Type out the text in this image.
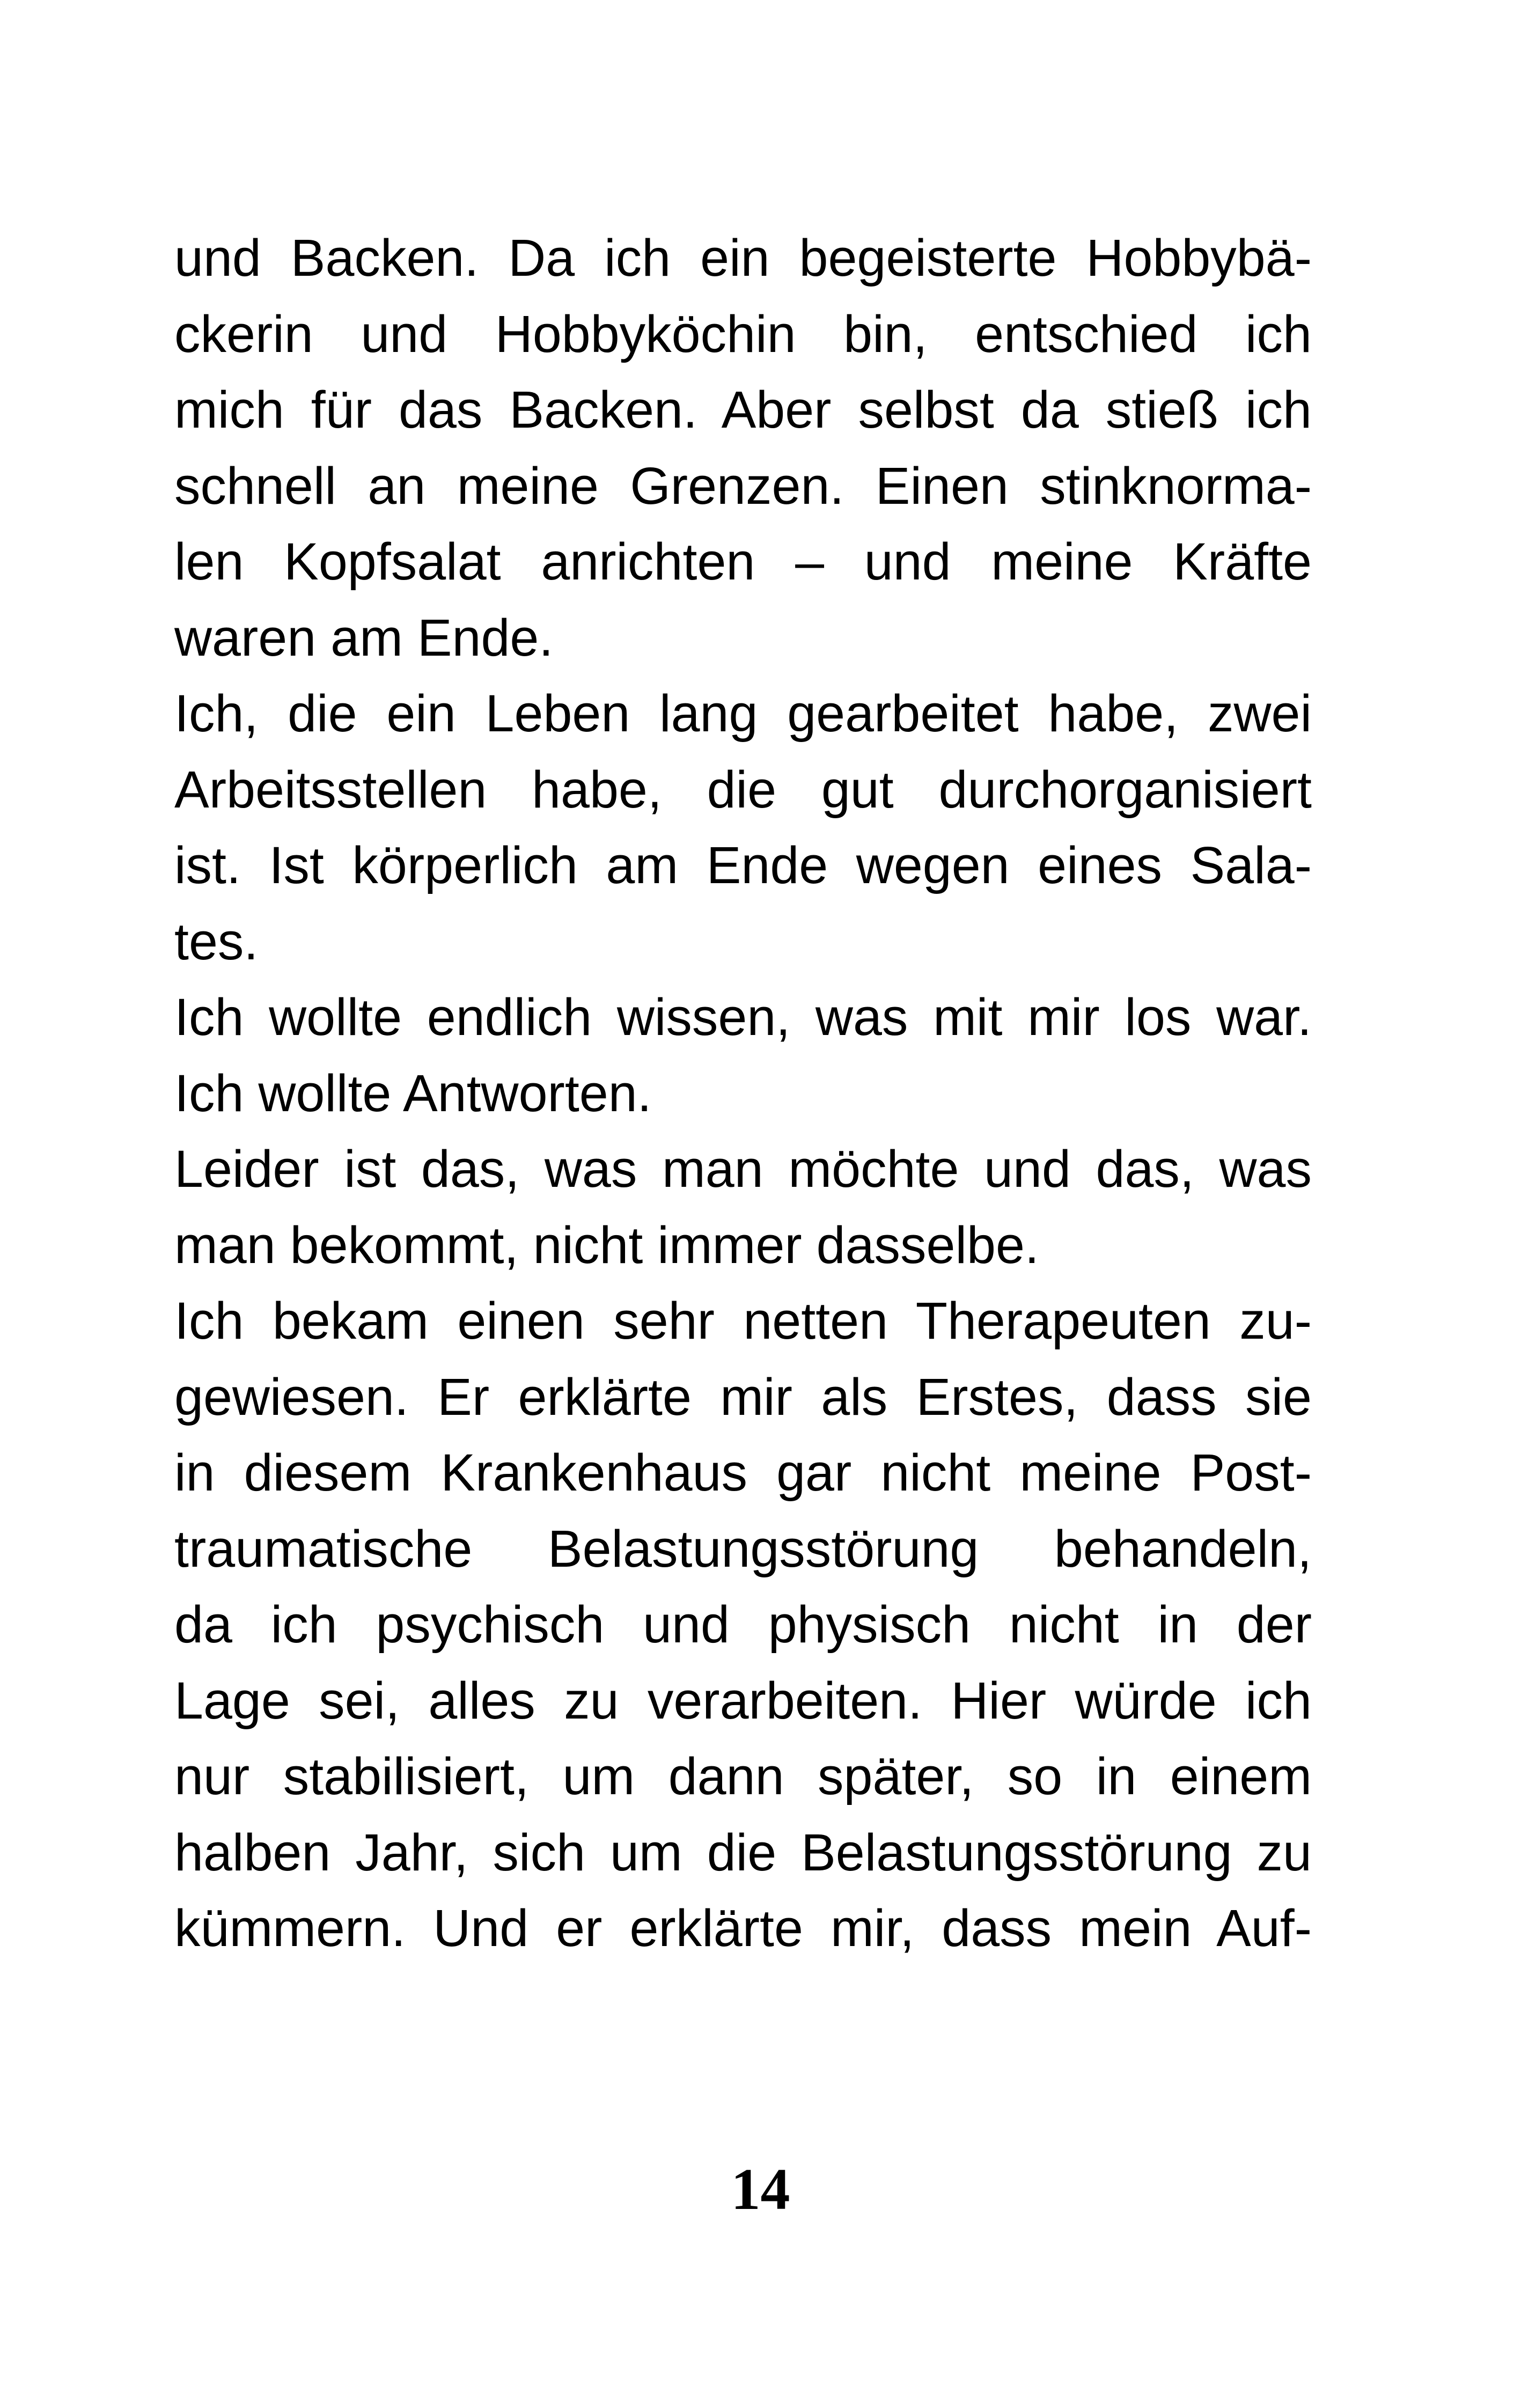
und Backen. Da ich ein begeisterte Hobbybä-
ckerin und Hobbyköchin bin, entschied ich
mich für das Backen. Aber selbst da stieß ich
schnell an meine Grenzen. Einen stinknorma-
len Kopfsalat anrichten – und meine Kräfte
waren am Ende.
Ich, die ein Leben lang gearbeitet habe, zwei
Arbeitsstellen habe, die gut durchorganisiert
ist. Ist körperlich am Ende wegen eines Sala-
tes.
Ich wollte endlich wissen, was mit mir los war.
Ich wollte Antworten.
Leider ist das, was man möchte und das, was
man bekommt, nicht immer dasselbe.
Ich bekam einen sehr netten Therapeuten zu-
gewiesen. Er erklärte mir als Erstes, dass sie
in diesem Krankenhaus gar nicht meine Post-
traumatische Belastungsstörung behandeln,
da ich psychisch und physisch nicht in der
Lage sei, alles zu verarbeiten. Hier würde ich
nur stabilisiert, um dann später, so in einem
halben Jahr, sich um die Belastungsstörung zu
kümmern. Und er erklärte mir, dass mein Auf-
14
